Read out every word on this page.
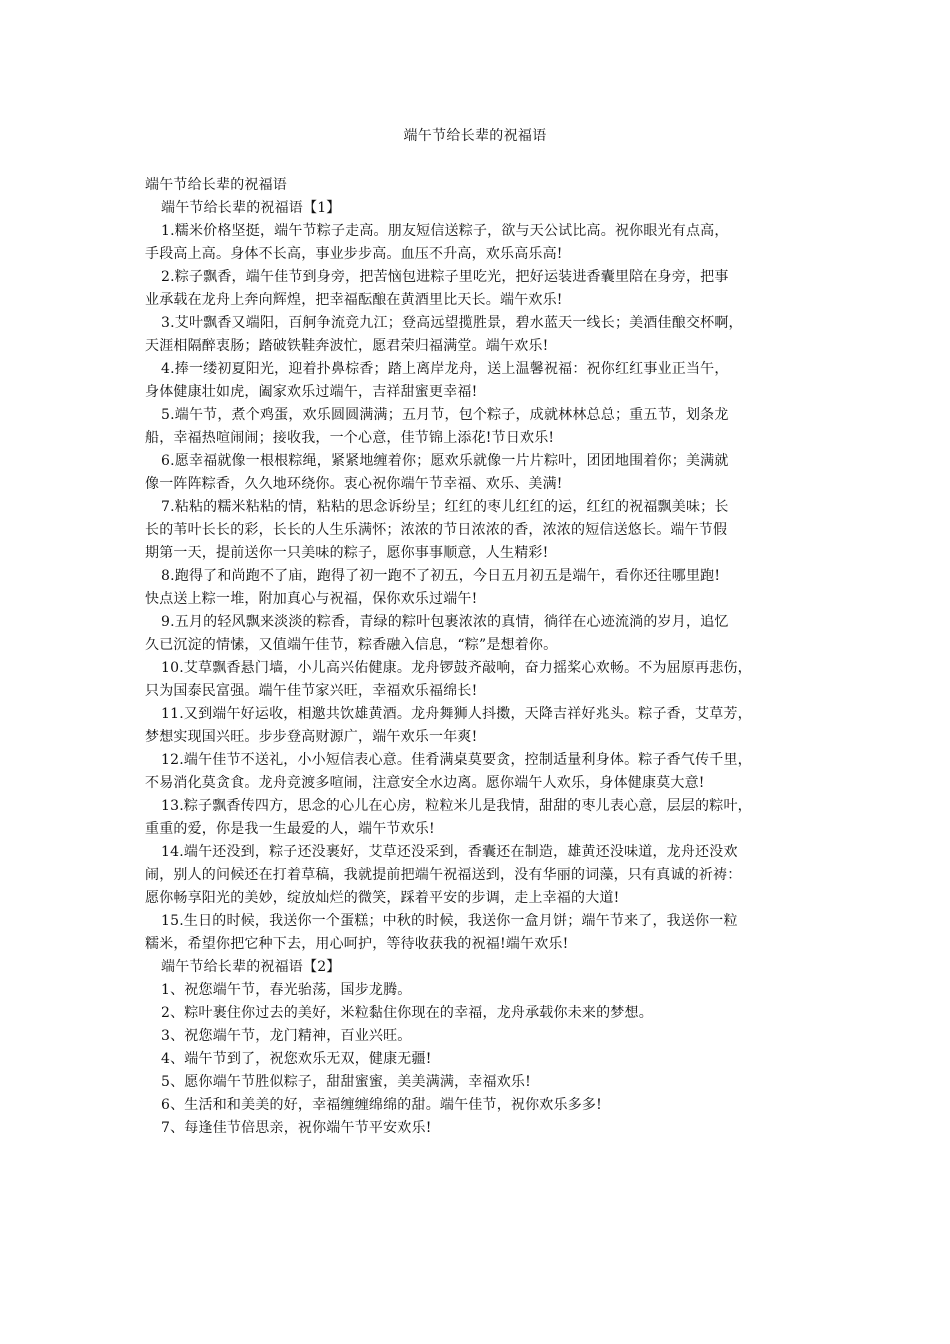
端午节给长辈的祝福语
端午节给长辈的祝福语
端午节给长辈的祝福语【1】
1.糯米价格坚挺，端午节粽子走高。朋友短信送粽子，欲与天公试比高。祝你眼光有点高，
手段高上高。身体不长高，事业步步高。血压不升高，欢乐高乐高!
2.粽子飘香，端午佳节到身旁，把苦恼包进粽子里吃光，把好运装进香囊里陪在身旁，把事
业承载在龙舟上奔向辉煌，把幸福酝酿在黄酒里比天长。端午欢乐!
3.艾叶飘香又端阳，百舸争流竞九江；登高远望揽胜景，碧水蓝天一线长；美酒佳酿交杯啊，
天涯相隔醉衷肠；踏破铁鞋奔波忙，愿君荣归福满堂。端午欢乐!
4.捧一缕初夏阳光，迎着扑鼻棕香；踏上离岸龙舟，送上温馨祝福：祝你红红事业正当午，
身体健康壮如虎，阖家欢乐过端午，吉祥甜蜜更幸福!
5.端午节，煮个鸡蛋，欢乐圆圆满满；五月节，包个粽子，成就林林总总；重五节，划条龙
船，幸福热喧闹闹；接收我，一个心意，佳节锦上添花!节日欢乐!
6.愿幸福就像一根根粽绳，紧紧地缠着你；愿欢乐就像一片片粽叶，团团地围着你；美满就
像一阵阵粽香，久久地环绕你。衷心祝你端午节幸福、欢乐、美满!
7.粘粘的糯米粘粘的情，粘粘的思念诉纷呈；红红的枣儿红红的运，红红的祝福飘美味；长
长的苇叶长长的彩，长长的人生乐满怀；浓浓的节日浓浓的香，浓浓的短信送悠长。端午节假
期第一天，提前送你一只美味的粽子，愿你事事顺意，人生精彩!
8.跑得了和尚跑不了庙，跑得了初一跑不了初五，今日五月初五是端午，看你还往哪里跑!
快点送上粽一堆，附加真心与祝福，保你欢乐过端午!
9.五月的轻风飘来淡淡的粽香，青绿的粽叶包裹浓浓的真情，徜徉在心迹流淌的岁月，追忆
久已沉淀的情愫，又值端午佳节，粽香融入信息，“粽”是想着你。
10.艾草飘香悬门墙，小儿高兴佑健康。龙舟锣鼓齐敲响，奋力摇桨心欢畅。不为屈原再悲伤，
只为国泰民富强。端午佳节家兴旺，幸福欢乐福绵长!
11.又到端午好运收，相邀共饮雄黄酒。龙舟舞狮人抖擞，天降吉祥好兆头。粽子香，艾草芳，
梦想实现国兴旺。步步登高财源广，端午欢乐一年爽!
12.端午佳节不送礼，小小短信表心意。佳肴满桌莫要贪，控制适量利身体。粽子香气传千里，
不易消化莫贪食。龙舟竞渡多喧闹，注意安全水边离。愿你端午人欢乐，身体健康莫大意!
13.粽子飘香传四方，思念的心儿在心房，粒粒米儿是我情，甜甜的枣儿表心意，层层的粽叶，
重重的爱，你是我一生最爱的人，端午节欢乐!
14.端午还没到，粽子还没裹好，艾草还没采到，香囊还在制造，雄黄还没味道，龙舟还没欢
闹，别人的问候还在打着草稿，我就提前把端午祝福送到，没有华丽的词藻，只有真诚的祈祷：
愿你畅享阳光的美妙，绽放灿烂的微笑，踩着平安的步调，走上幸福的大道!
15.生日的时候，我送你一个蛋糕；中秋的时候，我送你一盒月饼；端午节来了，我送你一粒
糯米，希望你把它种下去，用心呵护，等待收获我的祝福!端午欢乐!
端午节给长辈的祝福语【2】
1、祝您端午节，春光骀荡，国步龙腾。
2、粽叶裹住你过去的美好，米粒黏住你现在的幸福，龙舟承载你未来的梦想。
3、祝您端午节，龙门精神，百业兴旺。
4、端午节到了，祝您欢乐无双，健康无疆!
5、愿你端午节胜似粽子，甜甜蜜蜜，美美满满，幸福欢乐!
6、生活和和美美的好，幸福缠缠绵绵的甜。端午佳节，祝你欢乐多多!
7、每逢佳节倍思亲，祝你端午节平安欢乐!
